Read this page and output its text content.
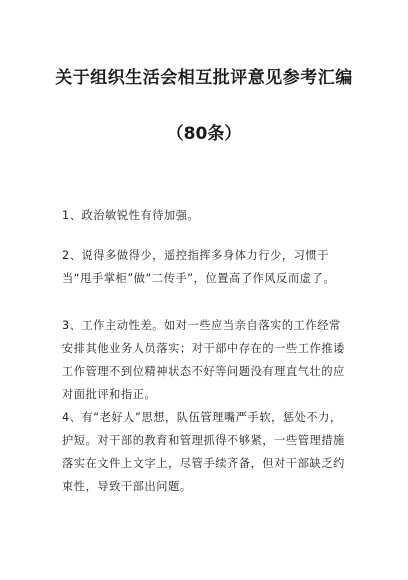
关于组织生活会相互批评意见参考汇编
（80条）

1、政治敏锐性有待加强。

2、说得多做得少，遥控指挥多身体力行少，习惯于当“甩手掌柜”做“二传手”，位置高了作风反而虚了。

3、工作主动性差。如对一些应当亲自落实的工作经常安排其他业务人员落实；对干部中存在的一些工作推诿工作管理不到位精神状态不好等问题没有理直气壮的应对面批评和指正。

4、有“老好人”思想，队伍管理嘴严手软，惩处不力，护短。对干部的教育和管理抓得不够紧，一些管理措施落实在文件上文字上，尽管手续齐备，但对干部缺乏约束性，导致干部出问题。
